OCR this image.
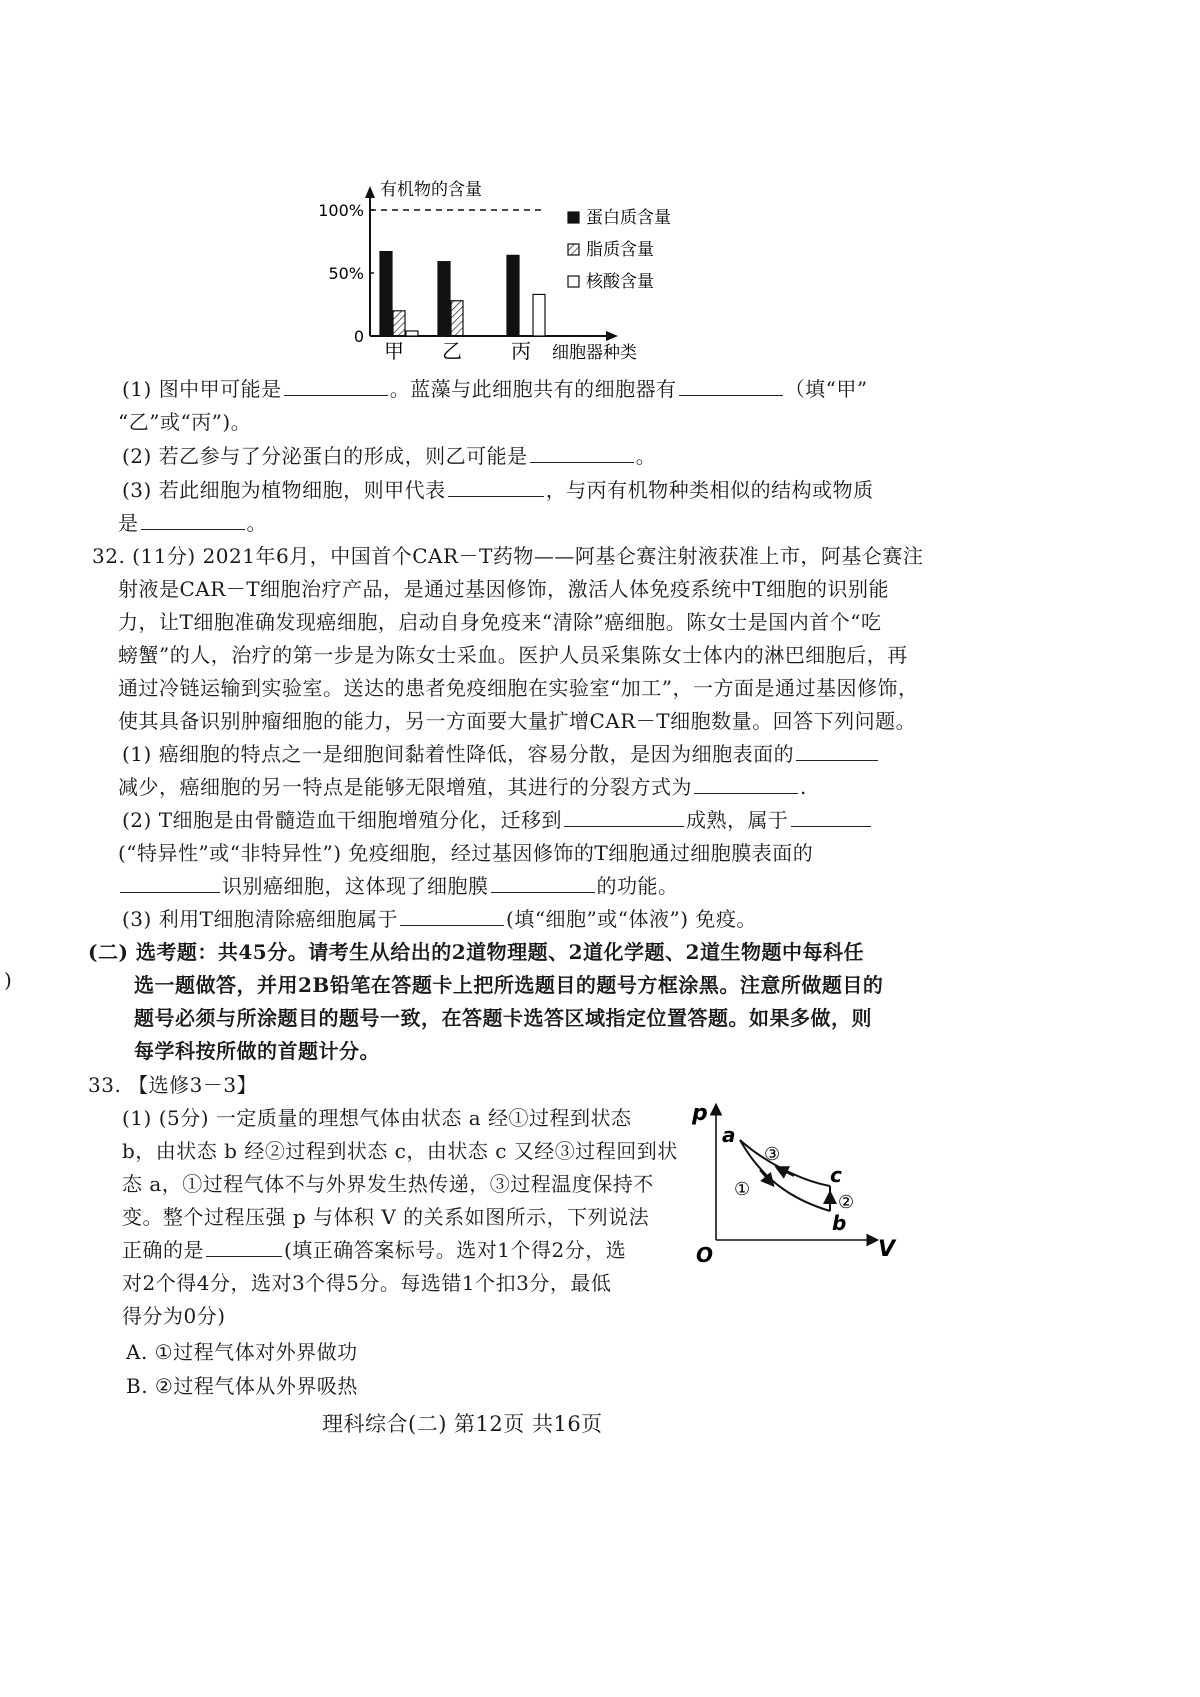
有机物的含量
0
50%
100%
甲 乙 丙 细胞器种类
蛋白质含量
脂质含量
核酸含量
(1) 图中甲可能是	。蓝藻与此细胞共有的细胞器有	（填“甲”
“乙”或“丙”)。
(2) 若乙参与了分泌蛋白的形成，则乙可能是	。
(3) 若此细胞为植物细胞，则甲代表	，与丙有机物种类相似的结构或物质
是	。
32. (11分) 2021年6月，中国首个CAR－T药物——阿基仑赛注射液获准上市，阿基仑赛注
射液是CAR－T细胞治疗产品，是通过基因修饰，激活人体免疫系统中T细胞的识别能
力，让T细胞准确发现癌细胞，启动自身免疫来“清除”癌细胞。陈女士是国内首个“吃
螃蟹”的人，治疗的第一步是为陈女士采血。医护人员采集陈女士体内的淋巴细胞后，再
通过冷链运输到实验室。送达的患者免疫细胞在实验室“加工”，一方面是通过基因修饰，
使其具备识别肿瘤细胞的能力，另一方面要大量扩增CAR－T细胞数量。回答下列问题。
(1) 癌细胞的特点之一是细胞间黏着性降低，容易分散，是因为细胞表面的
减少，癌细胞的另一特点是能够无限增殖，其进行的分裂方式为	.
(2) T细胞是由骨髓造血干细胞增殖分化，迁移到	成熟，属于
(“特异性”或“非特异性”) 免疫细胞，经过基因修饰的T细胞通过细胞膜表面的
识别癌细胞，这体现了细胞膜	的功能。
(3) 利用T细胞清除癌细胞属于	(填“细胞”或“体液”) 免疫。
(二) 选考题：共45分。请考生从给出的2道物理题、2道化学题、2道生物题中每科任
)	选一题做答，并用2B铅笔在答题卡上把所选题目的题号方框涂黑。注意所做题目的
题号必须与所涂题目的题号一致，在答题卡选答区域指定位置答题。如果多做，则
每学科按所做的首题计分。
33. 【选修3－3】
(1) (5分) 一定质量的理想气体由状态 a 经①过程到状态
b，由状态 b 经②过程到状态 c，由状态 c 又经③过程回到状
态 a，①过程气体不与外界发生热传递，③过程温度保持不
变。整个过程压强 p 与体积 V 的关系如图所示，下列说法
正确的是	(填正确答案标号。选对1个得2分，选
对2个得4分，选对3个得5分。每选错1个扣3分，最低
得分为0分)
A. ①过程气体对外界做功
B. ②过程气体从外界吸热
p
V
O
a
b
c
①
②
③
理科综合(二) 第12页 共16页
